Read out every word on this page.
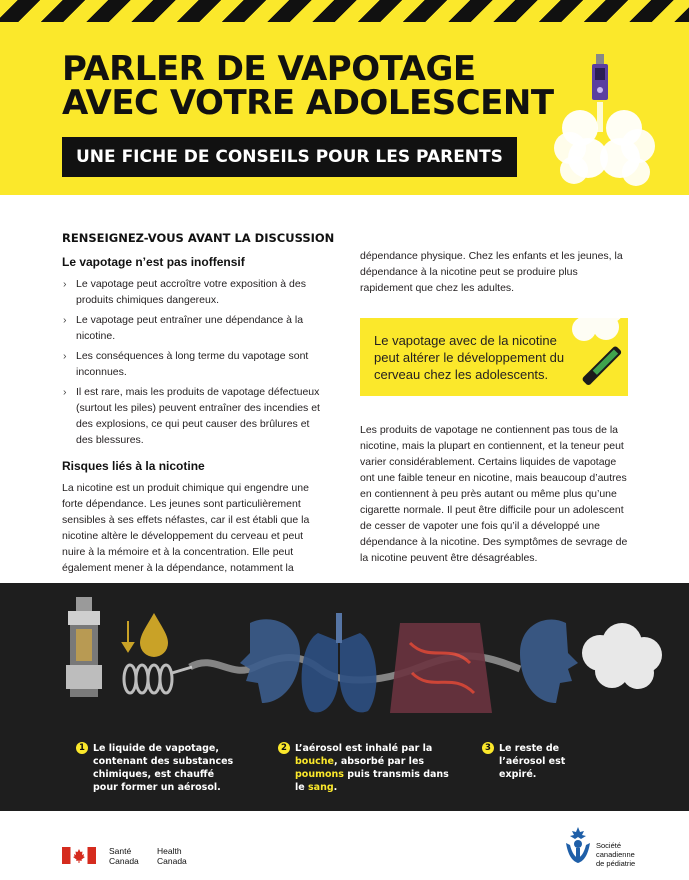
PARLER DE VAPOTAGE
AVEC VOTRE ADOLESCENT
UNE FICHE DE CONSEILS POUR LES PARENTS
RENSEIGNEZ-VOUS AVANT LA DISCUSSION
Le vapotage n’est pas inoffensif
› Le vapotage peut accroître votre exposition à des produits chimiques dangereux.
› Le vapotage peut entraîner une dépendance à la nicotine.
› Les conséquences à long terme du vapotage sont inconnues.
› Il est rare, mais les produits de vapotage défectueux (surtout les piles) peuvent entraîner des incendies et des explosions, ce qui peut causer des brûlures et des blessures.
Risques liés à la nicotine

La nicotine est un produit chimique qui engendre une forte dépendance. Les jeunes sont particulièrement sensibles à ses effets néfastes, car il est établi que la nicotine altère le développement du cerveau et peut nuire à la mémoire et à la concentration. Elle peut également mener à la dépendance, notamment la

dépendance physique. Chez les enfants et les jeunes, la dépendance à la nicotine peut se produire plus rapidement que chez les adultes.

Le vapotage avec de la nicotine peut altérer le développement du cerveau chez les adolescents.

Les produits de vapotage ne contiennent pas tous de la nicotine, mais la plupart en contiennent, et la teneur peut varier considérablement. Certains liquides de vapotage ont une faible teneur en nicotine, mais beaucoup d’autres en contiennent à peu près autant ou même plus qu’une cigarette normale. Il peut être difficile pour un adolescent de cesser de vapoter une fois qu’il a développé une dépendance à la nicotine. Des symptômes de sevrage de la nicotine peuvent être désagréables.

1 Le liquide de vapotage, contenant des substances chimiques, est chauffé pour former un aérosol.
2 L’aérosol est inhalé par la bouche, absorbé par les poumons puis transmis dans le sang.
3 Le reste de l’aérosol est expiré.
Santé
Canada
Health
Canada
Société
canadienne
de pédiatrie
